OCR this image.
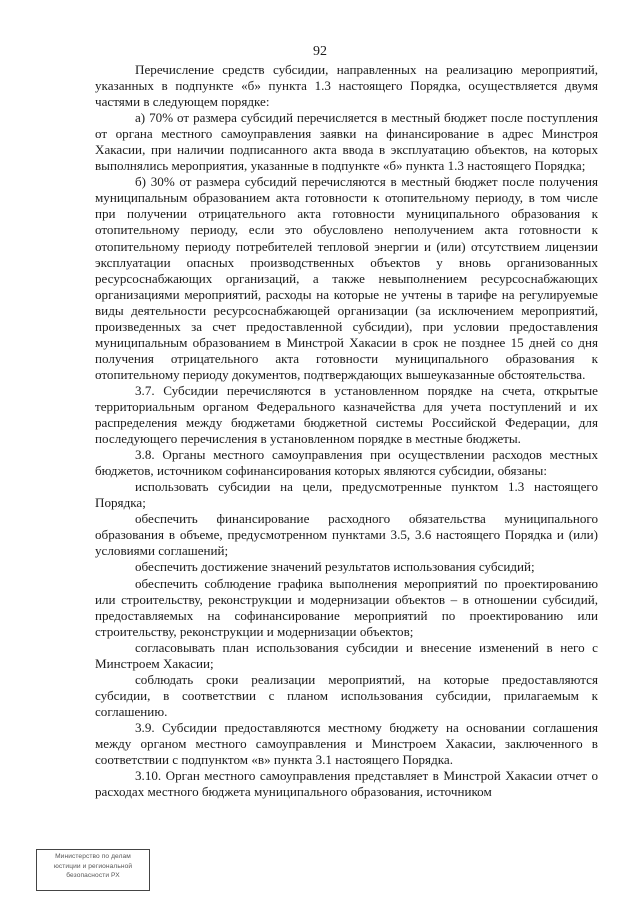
92

Перечисление средств субсидии, направленных на реализацию мероприятий, указанных в подпункте «б» пункта 1.3 настоящего Порядка, осуществляется двумя частями в следующем порядке:

а) 70% от размера субсидий перечисляется в местный бюджет после поступления от органа местного самоуправления заявки на финансирование в адрес Минстроя Хакасии, при наличии подписанного акта ввода в эксплуатацию объектов, на которых выполнялись мероприятия, указанные в подпункте «б» пункта 1.3 настоящего Порядка;

б) 30% от размера субсидий перечисляются в местный бюджет после получения муниципальным образованием акта готовности к отопительному периоду, в том числе при получении отрицательного акта готовности муниципального образования к отопительному периоду, если это обусловлено неполучением акта готовности к отопительному периоду потребителей тепловой энергии и (или) отсутствием лицензии эксплуатации опасных производственных объектов у вновь организованных ресурсоснабжающих организаций, а также невыполнением ресурсоснабжающих организациями мероприятий, расходы на которые не учтены в тарифе на регулируемые виды деятельности ресурсоснабжающей организации (за исключением мероприятий, произведенных за счет предоставленной субсидии), при условии предоставления муниципальным образованием в Минстрой Хакасии в срок не позднее 15 дней со дня получения отрицательного акта готовности муниципального образования к отопительному периоду документов, подтверждающих вышеуказанные обстоятельства.

3.7. Субсидии перечисляются в установленном порядке на счета, открытые территориальным органом Федерального казначейства для учета поступлений и их распределения между бюджетами бюджетной системы Российской Федерации, для последующего перечисления в установленном порядке в местные бюджеты.

3.8. Органы местного самоуправления при осуществлении расходов местных бюджетов, источником софинансирования которых являются субсидии, обязаны:

использовать субсидии на цели, предусмотренные пунктом 1.3 настоящего Порядка;

обеспечить финансирование расходного обязательства муниципального образования в объеме, предусмотренном пунктами 3.5, 3.6 настоящего Порядка и (или) условиями соглашений;

обеспечить достижение значений результатов использования субсидий;

обеспечить соблюдение графика выполнения мероприятий по проектированию или строительству, реконструкции и модернизации объектов – в отношении субсидий, предоставляемых на софинансирование мероприятий по проектированию или строительству, реконструкции и модернизации объектов;

согласовывать план использования субсидии и внесение изменений в него с Минстроем Хакасии;

соблюдать сроки реализации мероприятий, на которые предоставляются субсидии, в соответствии с планом использования субсидии, прилагаемым к соглашению.

3.9. Субсидии предоставляются местному бюджету на основании соглашения между органом местного самоуправления и Минстроем Хакасии, заключенного в соответствии с подпунктом «в» пункта 3.1 настоящего Порядка.

3.10. Орган местного самоуправления представляет в Минстрой Хакасии отчет о расходах местного бюджета муниципального образования, источником

Министерство по делам
юстиции и региональной
безопасности РХ
